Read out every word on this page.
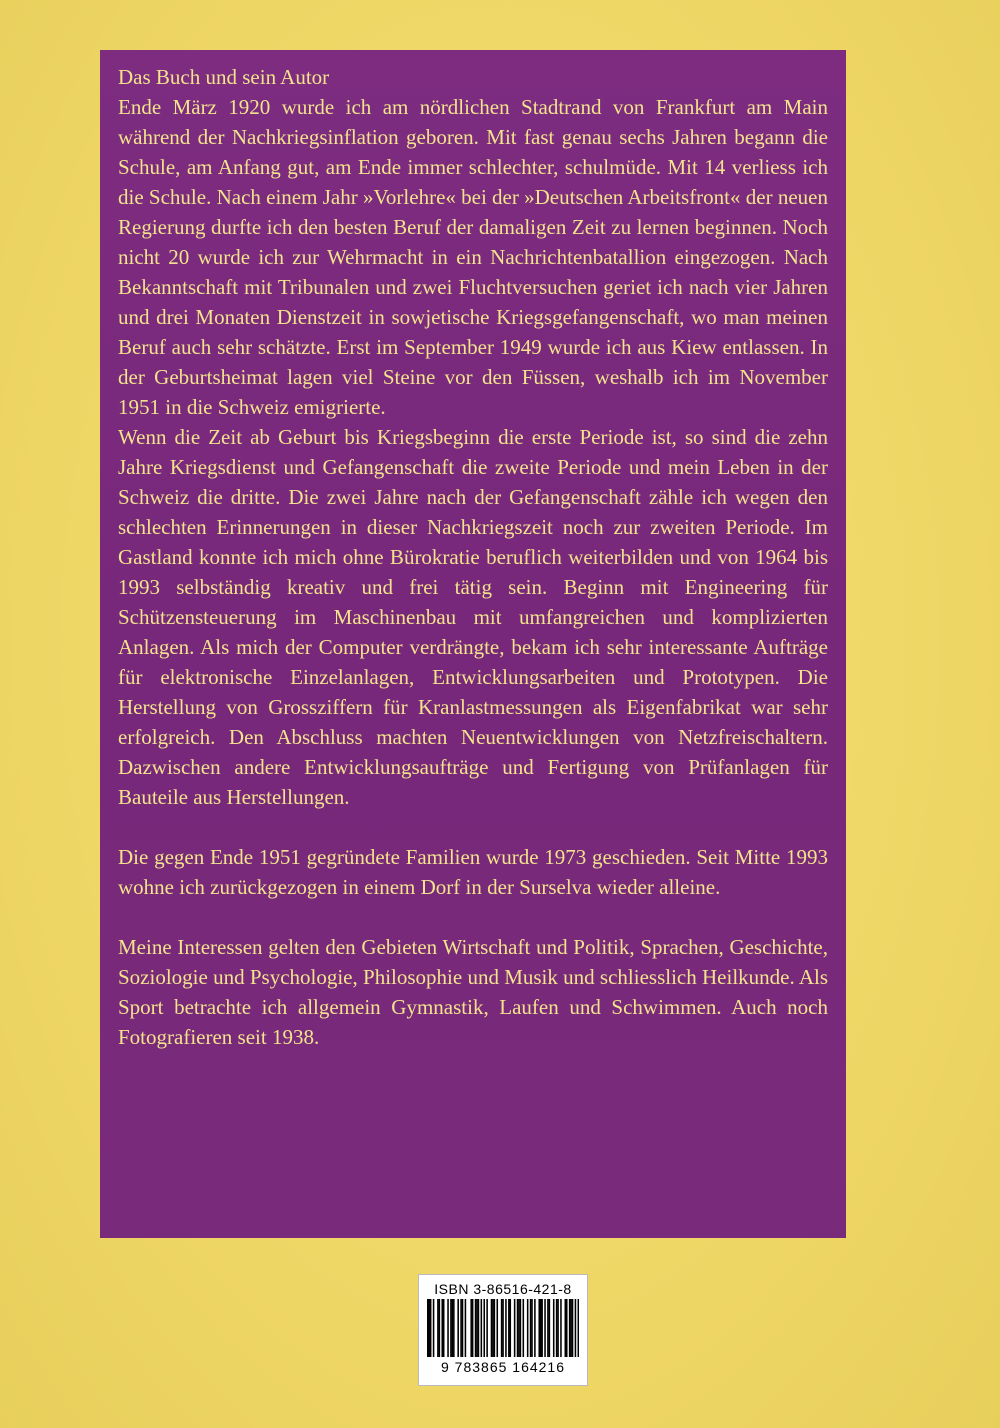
Das Buch und sein Autor

Ende März 1920 wurde ich am nördlichen Stadtrand von Frankfurt am Main während der Nachkriegsinflation geboren. Mit fast genau sechs Jahren begann die Schule, am Anfang gut, am Ende immer schlechter, schulmüde. Mit 14 verliess ich die Schule. Nach einem Jahr »Vorlehre« bei der »Deutschen Arbeitsfront« der neuen Regierung durfte ich den besten Beruf der damaligen Zeit zu lernen beginnen. Noch nicht 20 wurde ich zur Wehrmacht in ein Nachrichtenbatallion eingezogen. Nach Bekanntschaft mit Tribunalen und zwei Fluchtversuchen geriet ich nach vier Jahren und drei Monaten Dienstzeit in sowjetische Kriegsgefangenschaft, wo man meinen Beruf auch sehr schätzte. Erst im September 1949 wurde ich aus Kiew entlassen. In der Geburtsheimat lagen viel Steine vor den Füssen, weshalb ich im November 1951 in die Schweiz emigrierte.

Wenn die Zeit ab Geburt bis Kriegsbeginn die erste Periode ist, so sind die zehn Jahre Kriegsdienst und Gefangenschaft die zweite Periode und mein Leben in der Schweiz die dritte. Die zwei Jahre nach der Gefangenschaft zähle ich wegen den schlechten Erinnerungen in dieser Nachkriegszeit noch zur zweiten Periode. Im Gastland konnte ich mich ohne Bürokratie beruflich weiterbilden und von 1964 bis 1993 selbständig kreativ und frei tätig sein. Beginn mit Engineering für Schützensteuerung im Maschinenbau mit umfangreichen und komplizierten Anlagen. Als mich der Computer verdrängte, bekam ich sehr interessante Aufträge für elektronische Einzelanlagen, Entwicklungsarbeiten und Prototypen. Die Herstellung von Grossziffern für Kranlastmessungen als Eigenfabrikat war sehr erfolgreich. Den Abschluss machten Neuentwicklungen von Netzfreischaltern. Dazwischen andere Entwicklungsaufträge und Fertigung von Prüfanlagen für Bauteile aus Herstellungen.

Die gegen Ende 1951 gegründete Familien wurde 1973 geschieden. Seit Mitte 1993 wohne ich zurückgezogen in einem Dorf in der Surselva wieder alleine.

Meine Interessen gelten den Gebieten Wirtschaft und Politik, Sprachen, Geschichte, Soziologie und Psychologie, Philosophie und Musik und schliesslich Heilkunde. Als Sport betrachte ich allgemein Gymnastik, Laufen und Schwimmen. Auch noch Fotografieren seit 1938.

ISBN 3-86516-421-8
9 783865 164216
